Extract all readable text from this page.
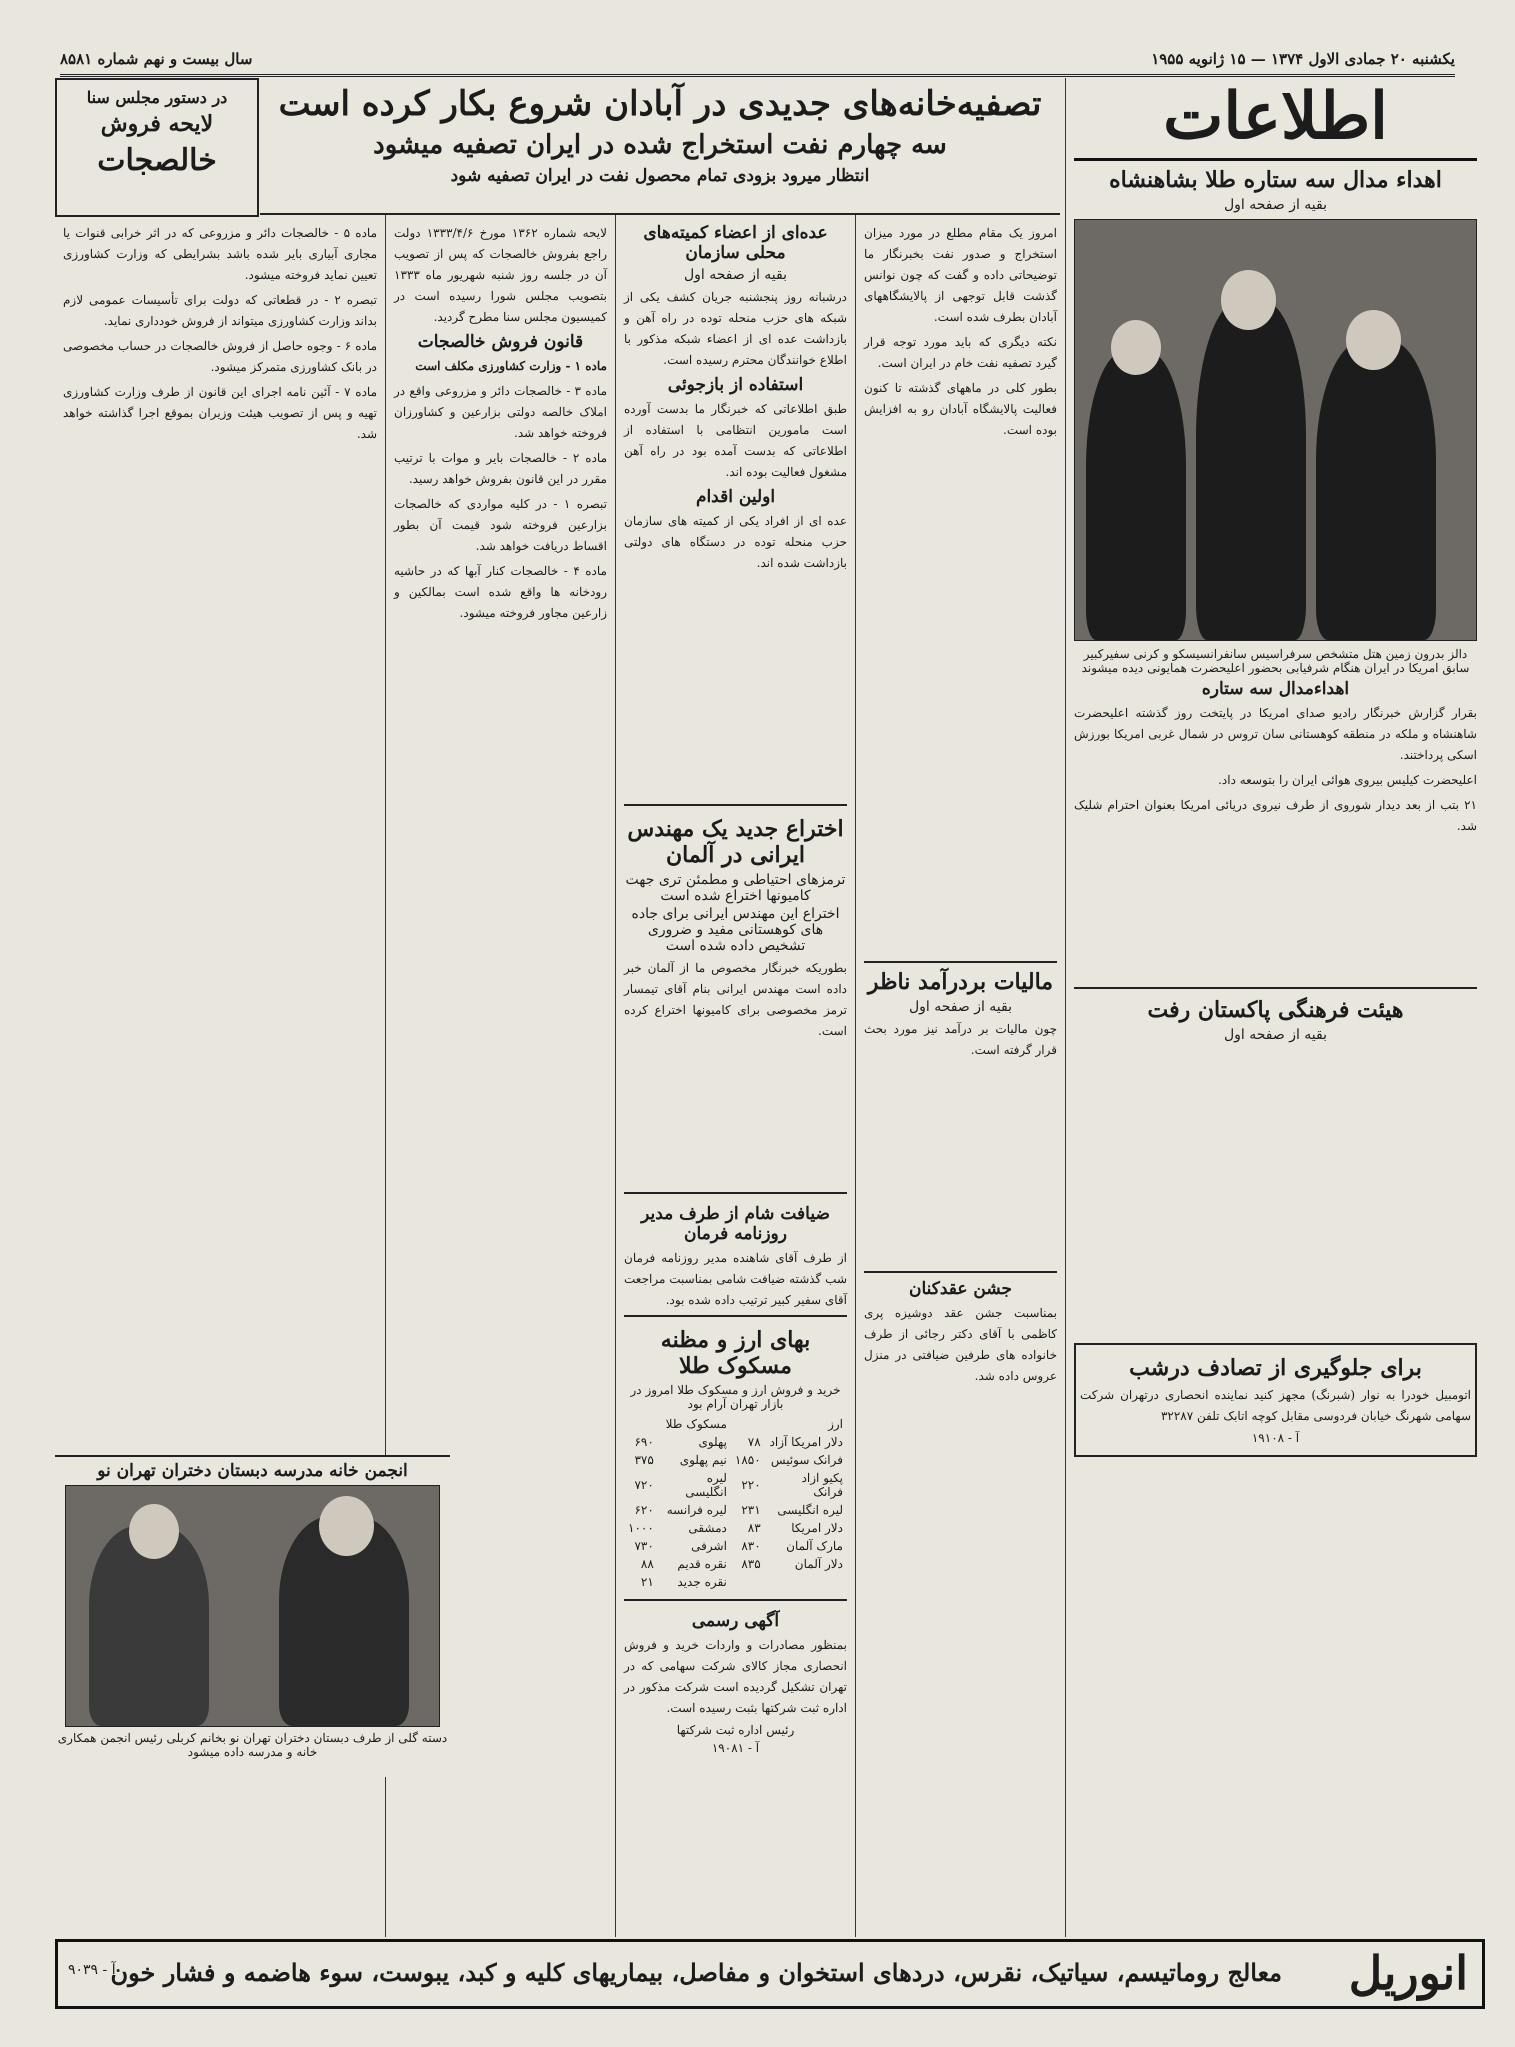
یکشنبه ۲۰ جمادی الاول ۱۳۷۴ — ۱۵ ژانویه ۱۹۵۵
سال بیست و نهم شماره ۸۵۸۱
تصفیه‌خانه‌های جدیدی در آبادان شروع بکار کرده است
سه چهارم نفت استخراج شده در ایران تصفیه میشود
انتظار میرود بزودی تمام محصول نفت در ایران تصفیه شود
در دستور مجلس سنا
لایحه فروش
خالصجات
اطلاعات
اهداء مدال سه ستاره طلا بشاهنشاه
بقیه از صفحه اول
دالز بدرون زمین هتل متشخص سرفراسیس سانفرانسیسکو و کرنی سفیرکبیر سابق امریکا در ایران هنگام شرفیابی بحضور اعلیحضرت همایونی دیده میشوند
اهداءمدال سه ستاره
بقرار گزارش خبرنگار رادیو صدای امریکا در پایتخت روز گذشته اعلیحضرت شاهنشاه و ملکه در منطقه کوهستانی سان تروس در شمال غربی امریکا بورزش اسکی پرداختند.
اعلیحضرت کیلیس بیروی هوائی ایران را بتوسعه داد.
۲۱ بتب از بعد دیدار شوروی از طرف نیروی دریائی امریکا بعنوان احترام شلیک شد.
هیئت فرهنگی پاکستان رفت
بقیه از صفحه اول
برای جلوگیری از تصادف درشب
اتومبیل خودرا به نوار (شبرنگ) مجهز کنید نماینده انحصاری درتهران شرکت سهامی شهرنگ خیابان فردوسی مقابل کوچه اتابک تلفن ۳۲۲۸۷
آ - ۱۹۱۰۸
امروز یک مقام مطلع در مورد میزان استخراج و صدور نفت بخبرنگار ما توضیحاتی داده و گفت که چون نوانس گذشت قابل توجهی از پالایشگاههای آبادان بطرف شده است.
نکته دیگری که باید مورد توجه قرار گیرد تصفیه نفت خام در ایران است.
بطور کلی در ماههای گذشته تا کنون فعالیت پالایشگاه آبادان رو به افزایش بوده است.
مالیات بردرآمد ناظر
بقیه از صفحه اول
چون مالیات بر درآمد نیز مورد بحث قرار گرفته است.
جشن عقدکنان
بمناسبت جشن عقد دوشیزه پری کاظمی با آقای دکتر رجائی از طرف خانواده های طرفین ضیافتی در منزل عروس داده شد.
عده‌ای از اعضاء کمیته‌های محلی سازمان
بقیه از صفحه اول
درشبانه روز پنجشنبه جریان کشف یکی از شبکه های حزب منحله توده در راه آهن و بازداشت عده ای از اعضاء شبکه مذکور با اطلاع خوانندگان محترم رسیده است.
استفاده از بازجوئی
طبق اطلاعاتی که خبرنگار ما بدست آورده است مامورین انتظامی با استفاده از اطلاعاتی که بدست آمده بود در راه آهن مشغول فعالیت بوده اند.
اولین اقدام
عده ای از افراد یکی از کمیته های سازمان حزب منحله توده در دستگاه های دولتی بازداشت شده اند.
اختراع جدید یک مهندس ایرانی در آلمان
ترمزهای احتیاطی و مطمئن تری جهت کامیونها اختراع شده است
اختراع این مهندس ایرانی برای جاده های کوهستانی مفید و ضروری تشخیص داده شده است
بطوریکه خبرنگار مخصوص ما از آلمان خبر داده است مهندس ایرانی بنام آقای تیمسار ترمز مخصوصی برای کامیونها اختراع کرده است.
ضیافت شام از طرف مدیر روزنامه فرمان
از طرف آقای شاهنده مدیر روزنامه فرمان شب گذشته ضیافت شامی بمناسبت مراجعت آقای سفیر کبیر ترتیب داده شده بود.
بهای ارز و مظنه مسکوک طلا
خرید و فروش ارز و مسکوک طلا امروز در بازار تهران آرام بود
ارز		مسکوک طلا	
دلار امریکا آزاد	۷۸	پهلوی	۶۹۰
فرانک سوئیس	۱۸۵۰	نیم پهلوی	۳۷۵
پکیو ازاد فرانک	۲۲۰	لیره انگلیسی	۷۲۰
لیره انگلیسی	۲۳۱	لیره فرانسه	۶۲۰
دلار امریکا	۸۳	دمشقی	۱۰۰۰
مارک آلمان	۸۳۰	اشرفی	۷۳۰
دلار آلمان	۸۳۵	نقره قدیم	۸۸
		نقره جدید	۲۱
آگهی رسمی
بمنظور مصادرات و واردات خرید و فروش انحصاری مجاز کالای شرکت سهامی که در تهران تشکیل گردیده است شرکت مذکور در اداره ثبت شرکتها بثبت رسیده است.
رئیس اداره ثبت شرکتها
آ - ۱۹۰۸۱
لایحه شماره ۱۳۶۲ مورخ ۱۳۳۳/۴/۶ دولت راجع بفروش خالصجات که پس از تصویب آن در جلسه روز شنبه شهریور ماه ۱۳۳۳ بتصویب مجلس شورا رسیده است در کمیسیون مجلس سنا مطرح گردید.
قانون فروش خالصجات
ماده ۱ - وزارت کشاورزی مکلف است
ماده ۳ - خالصجات دائر و مزروعی واقع در املاک خالصه دولتی بزارعین و کشاورزان فروخته خواهد شد.
ماده ۲ - خالصجات بایر و موات با ترتیب مقرر در این قانون بفروش خواهد رسید.
تبصره ۱ - در کلیه مواردی که خالصجات بزارعین فروخته شود قیمت آن بطور اقساط دریافت خواهد شد.
ماده ۴ - خالصجات کنار آبها که در حاشیه رودخانه ها واقع شده است بمالکین و زارعین مجاور فروخته میشود.
ماده ۵ - خالصجات دائر و مزروعی که در اثر خرابی قنوات یا مجاری آبیاری بایر شده باشد بشرایطی که وزارت کشاورزی تعیین نماید فروخته میشود.
تبصره ۲ - در قطعاتی که دولت برای تأسیسات عمومی لازم بداند وزارت کشاورزی میتواند از فروش خودداری نماید.
ماده ۶ - وجوه حاصل از فروش خالصجات در حساب مخصوصی در بانک کشاورزی متمرکز میشود.
ماده ۷ - آئین نامه اجرای این قانون از طرف وزارت کشاورزی تهیه و پس از تصویب هیئت وزیران بموقع اجرا گذاشته خواهد شد.
انجمن خانه مدرسه دبستان دختران تهران نو
دسته گلی از طرف دبستان دختران تهران نو بخانم کربلی رئیس انجمن همکاری خانه و مدرسه داده میشود
انوریل
معالج روماتیسم، سیاتیک، نقرس، دردهای استخوان و مفاصل، بیماریهای کلیه و کبد، یبوست، سوء هاضمه و فشار خون
آ - ۹۰۳۹
